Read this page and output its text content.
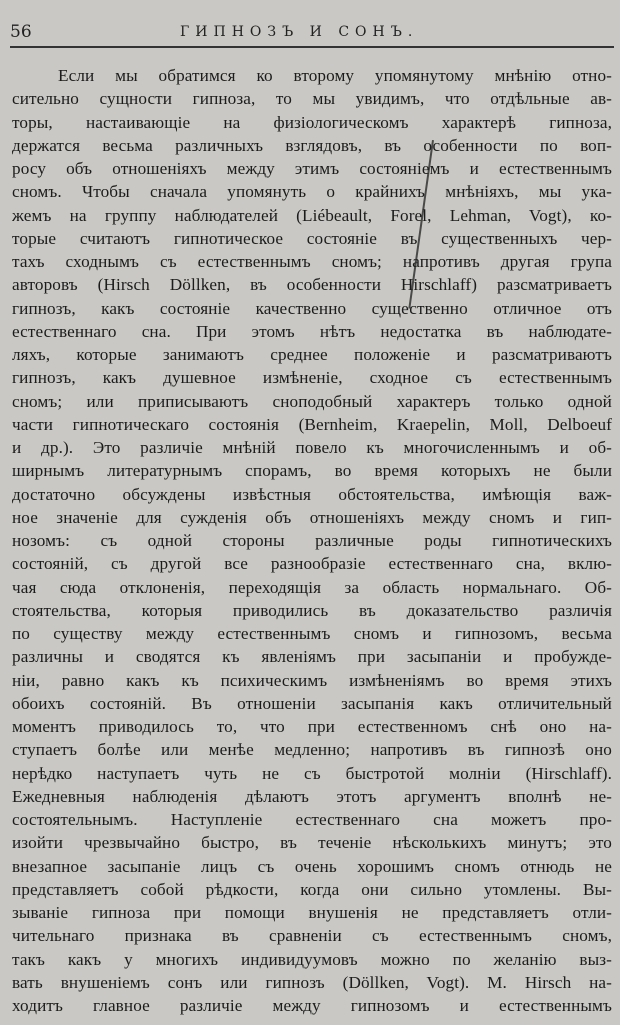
56	ГИПНОЗЪ И СОНЪ.
Если мы обратимся ко второму упомянутому мнѣнію отно-
сительно сущности гипноза, то мы увидимъ, что отдѣльные ав-
торы, настаивающіе на физіологическомъ характерѣ гипноза,
держатся весьма различныхъ взглядовъ, въ особенности по воп-
росу объ отношеніяхъ между этимъ состояніемъ и естественнымъ
сномъ. Чтобы сначала упомянуть о крайнихъ мнѣніяхъ, мы ука-
жемъ на группу наблюдателей (Liébeault, Forel, Lehman, Vogt), ко-
торые считаютъ гипнотическое состояніе въ существенныхъ чер-
тахъ сходнымъ съ естественнымъ сномъ; напротивъ другая група
авторовъ (Hirsch Döllken, въ особенности Hirschlaff) разсматриваетъ
гипнозъ, какъ состояніе качественно существенно отличное отъ
естественнаго сна. При этомъ нѣтъ недостатка въ наблюдате-
ляхъ, которые занимаютъ среднее положеніе и разсматриваютъ
гипнозъ, какъ душевное измѣненіе, сходное съ естественнымъ
сномъ; или приписываютъ сноподобный характеръ только одной
части гипнотическаго состоянія (Bernheim, Kraepelin, Moll, Delboeuf
и др.). Это различіе мнѣній повело къ многочисленнымъ и об-
ширнымъ литературнымъ спорамъ, во время которыхъ не были
достаточно обсуждены извѣстныя обстоятельства, имѣющія важ-
ное значеніе для сужденія объ отношеніяхъ между сномъ и гип-
нозомъ: съ одной стороны различные роды гипнотическихъ
состояній, съ другой все разнообразіе естественнаго сна, вклю-
чая сюда отклоненія, переходящія за область нормальнаго. Об-
стоятельства, которыя приводились въ доказательство различія
по существу между естественнымъ сномъ и гипнозомъ, весьма
различны и сводятся къ явленіямъ при засыпаніи и пробужде-
ніи, равно какъ къ психическимъ измѣненіямъ во время этихъ
обоихъ состояній. Въ отношеніи засыпанія какъ отличительный
моментъ приводилось то, что при естественномъ снѣ оно на-
ступаетъ болѣе или менѣе медленно; напротивъ въ гипнозѣ оно
нерѣдко наступаетъ чуть не съ быстротой молніи (Hirschlaff).
Ежедневныя наблюденія дѣлаютъ этотъ аргументъ вполнѣ не-
состоятельнымъ. Наступленіе естественнаго сна можетъ про-
изойти чрезвычайно быстро, въ теченіе нѣсколькихъ минутъ; это
внезапное засыпаніе лицъ съ очень хорошимъ сномъ отнюдь не
представляетъ собой рѣдкости, когда они сильно утомлены. Вы-
зываніе гипноза при помощи внушенія не представляетъ отли-
чительнаго признака въ сравненіи съ естественнымъ сномъ,
такъ какъ у многихъ индивидуумовъ можно по желанію выз-
вать внушеніемъ сонъ или гипнозъ (Döllken, Vogt). M. Hirsch на-
ходитъ главное различіе между гипнозомъ и естественнымъ
